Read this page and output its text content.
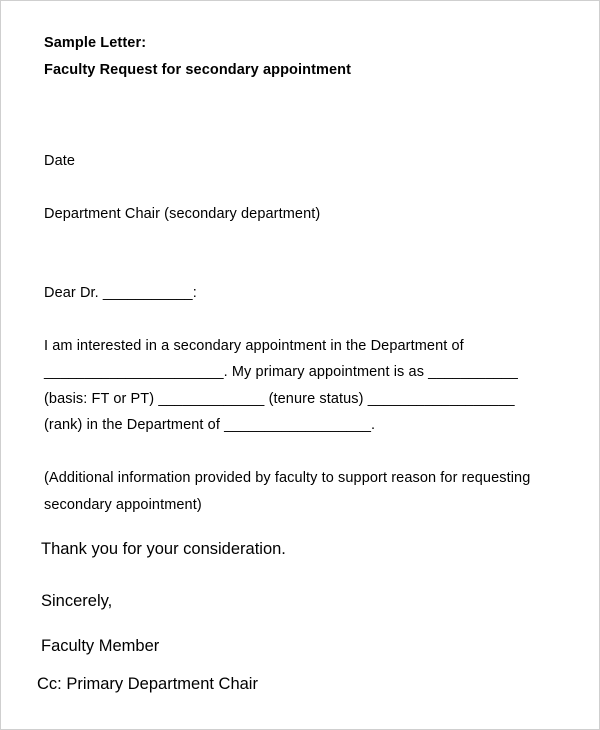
Sample Letter:

Faculty Request for secondary appointment

Date

Department Chair (secondary department)

Dear Dr. ___________:

I am interested in a secondary appointment in the Department of

______________________. My primary appointment is as ___________

(basis: FT or PT) _____________ (tenure status) __________________

(rank) in the Department of __________________.

(Additional information provided by faculty to support reason for requesting

secondary appointment)

Thank you for your consideration.

Sincerely,

Faculty Member

Cc: Primary Department Chair
